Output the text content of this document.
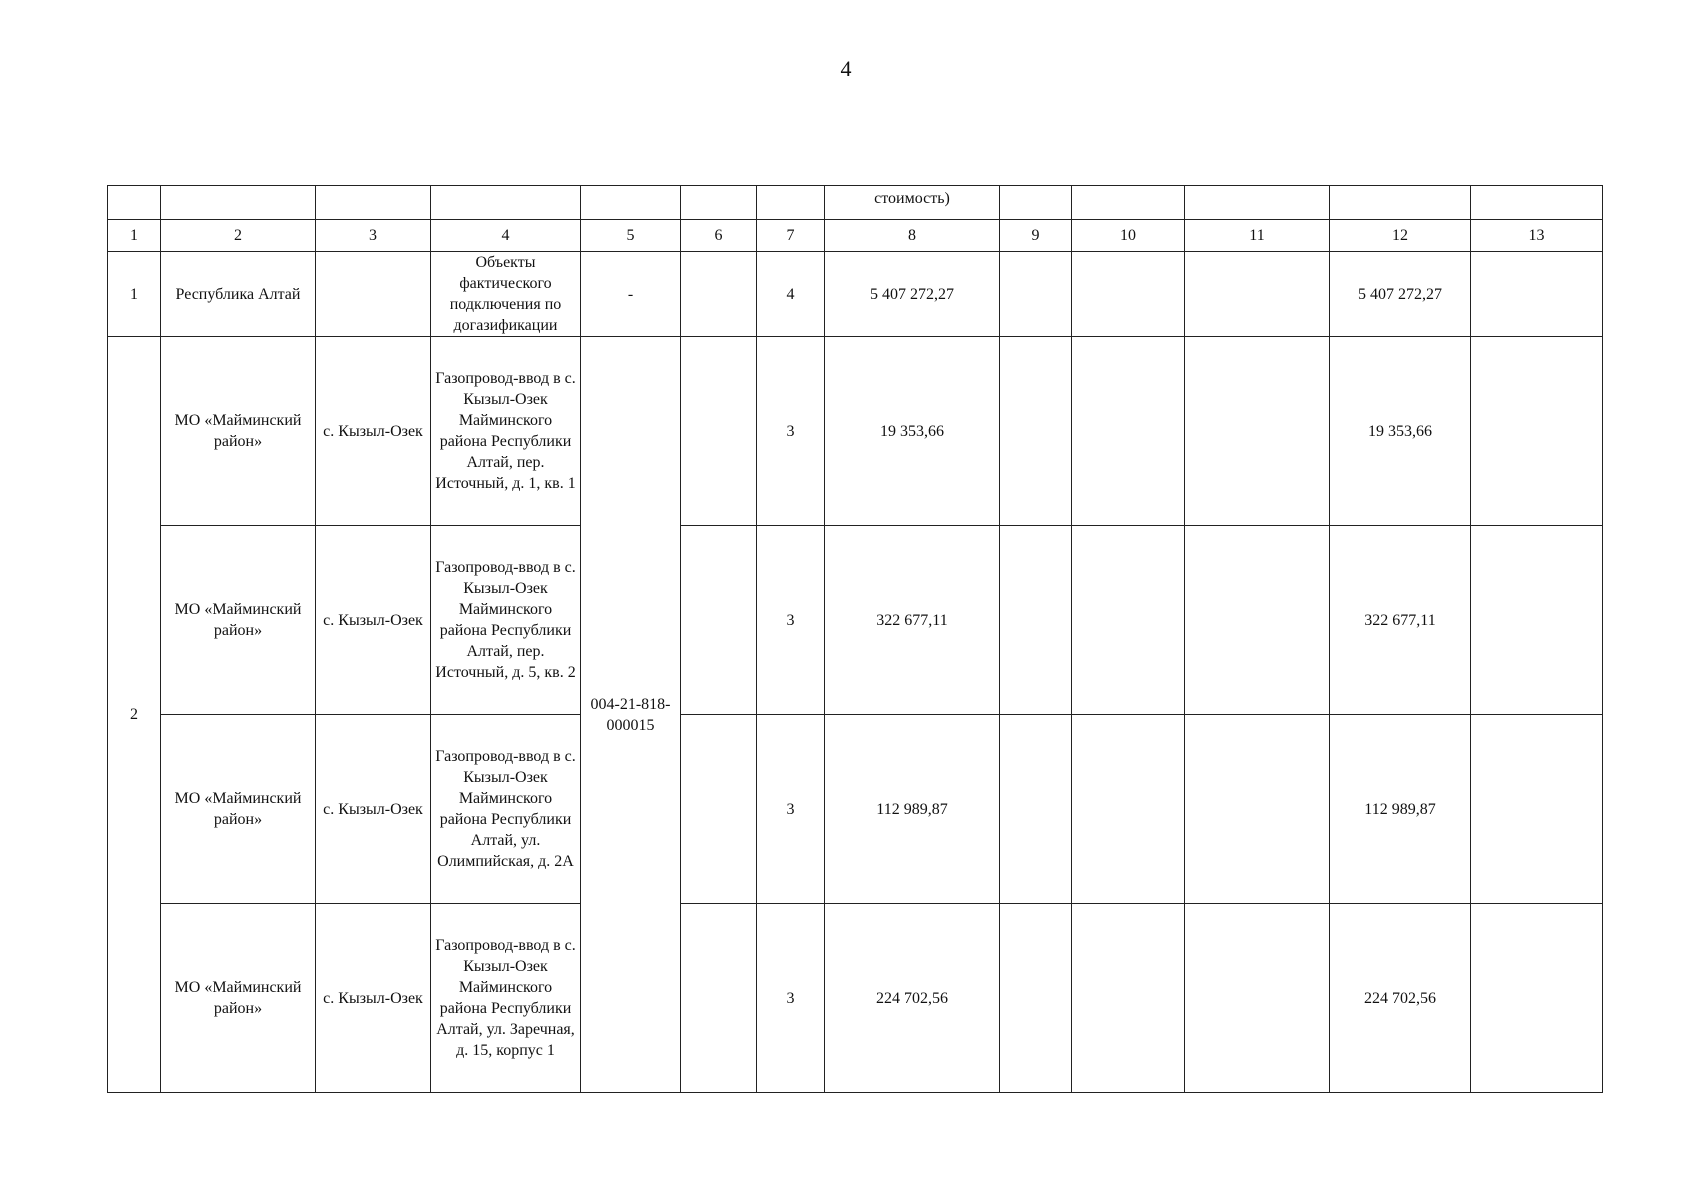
4
							стоимость)					
1	2	3	4	5	6	7	8	9	10	11	12	13
1	Республика Алтай		Объекты фактического подключения по догазификации	-		4	5 407 272,27				5 407 272,27	
2	МО «Майминский район»	с. Кызыл-Озек	Газопровод-ввод в с. Кызыл-Озек Майминского района Республики Алтай, пер. Источный, д. 1, кв. 1	004-21-818-000015		3	19 353,66				19 353,66	
	МО «Майминский район»	с. Кызыл-Озек	Газопровод-ввод в с. Кызыл-Озек Майминского района Республики Алтай, пер. Источный, д. 5, кв. 2			3	322 677,11				322 677,11	
	МО «Майминский район»	с. Кызыл-Озек	Газопровод-ввод в с. Кызыл-Озек Майминского района Республики Алтай, ул. Олимпийская, д. 2А			3	112 989,87				112 989,87	
	МО «Майминский район»	с. Кызыл-Озек	Газопровод-ввод в с. Кызыл-Озек Майминского района Республики Алтай, ул. Заречная, д. 15, корпус 1			3	224 702,56				224 702,56	
